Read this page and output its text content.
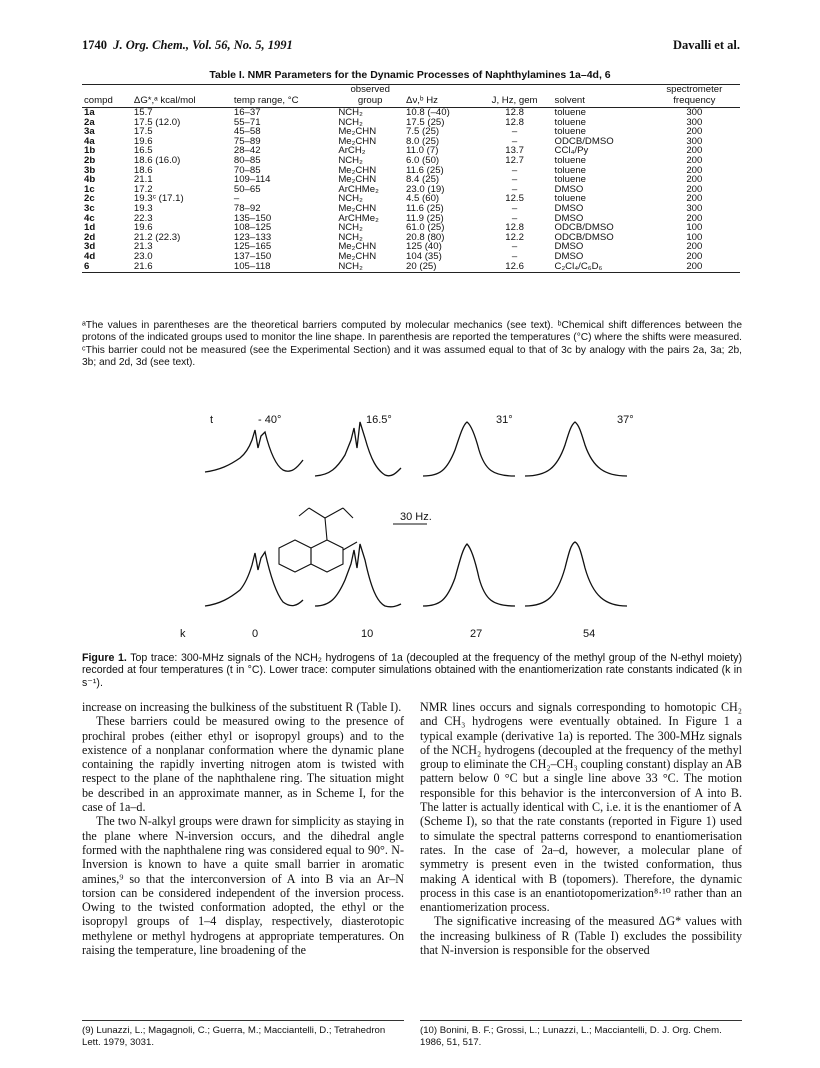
1740 J. Org. Chem., Vol. 56, No. 5, 1991	Davalli et al.
Table I. NMR Parameters for the Dynamic Processes of Naphthylamines 1a–4d, 6
			observed				spectrometer
compd	ΔG*,ᵃ kcal/mol	temp range, °C	group	Δν,ᵇ Hz	J, Hz, gem	solvent	frequency
1a	15.7	16–37	NCH₂	10.8 (–40)	12.8	toluene	300
2a	17.5 (12.0)	55–71	NCH₂	17.5 (25)	12.8	toluene	300
3a	17.5	45–58	Me₂CHN	7.5 (25)	–	toluene	200
4a	19.6	75–89	Me₂CHN	8.0 (25)	–	ODCB/DMSO	300
1b	16.5	28–42	ArCH₂	11.0 (7)	13.7	CCl₄/Py	200
2b	18.6 (16.0)	80–85	NCH₂	6.0 (50)	12.7	toluene	200
3b	18.6	70–85	Me₂CHN	11.6 (25)	–	toluene	200
4b	21.1	109–114	Me₂CHN	8.4 (25)	–	toluene	200
1c	17.2	50–65	ArCHMe₂	23.0 (19)	–	DMSO	200
2c	19.3ᶜ (17.1)	–	NCH₂	4.5 (60)	12.5	toluene	200
3c	19.3	78–92	Me₂CHN	11.6 (25)	–	DMSO	300
4c	22.3	135–150	ArCHMe₂	11.9 (25)	–	DMSO	200
1d	19.6	108–125	NCH₂	61.0 (25)	12.8	ODCB/DMSO	100
2d	21.2 (22.3)	123–133	NCH₂	20.8 (80)	12.2	ODCB/DMSO	100
3d	21.3	125–165	Me₂CHN	125 (40)	–	DMSO	200
4d	23.0	137–150	Me₂CHN	104 (35)	–	DMSO	200
6	21.6	105–118	NCH₂	20 (25)	12.6	C₂Cl₄/C₆D₆	200
ᵃThe values in parentheses are the theoretical barriers computed by molecular mechanics (see text). ᵇChemical shift differences between the protons of the indicated groups used to monitor the line shape. In parenthesis are reported the temperatures (°C) where the shifts were measured. ᶜThis barrier could not be measured (see the Experimental Section) and it was assumed equal to that of 3c by analogy with the pairs 2a, 3a; 2b, 3b; and 2d, 3d (see text).
t	- 40°	16.5°	31°	37°
30 Hz.
k	0	10	27	54
Figure 1. Top trace: 300-MHz signals of the NCH₂ hydrogens of 1a (decoupled at the frequency of the methyl group of the N-ethyl moiety) recorded at four temperatures (t in °C). Lower trace: computer simulations obtained with the enantiomerization rate constants indicated (k in s⁻¹).

increase on increasing the bulkiness of the substituent R (Table I).

These barriers could be measured owing to the presence of prochiral probes (either ethyl or isopropyl groups) and to the existence of a nonplanar conformation where the dynamic plane containing the rapidly inverting nitrogen atom is twisted with respect to the plane of the naphthalene ring. The situation might be described in an approximate manner, as in Scheme I, for the case of 1a–d.

The two N-alkyl groups were drawn for simplicity as staying in the plane where N-inversion occurs, and the dihedral angle formed with the naphthalene ring was considered equal to 90°. N-Inversion is known to have a quite small barrier in aromatic amines,⁹ so that the interconversion of A into B via an Ar–N torsion can be considered independent of the inversion process. Owing to the twisted conformation adopted, the ethyl or the isopropyl groups of 1–4 display, respectively, diasterotopic methylene or methyl hydrogens at appropriate temperatures. On raising the temperature, line broadening of the

NMR lines occurs and signals corresponding to homotopic CH₂ and CH₃ hydrogens were eventually obtained. In Figure 1 a typical example (derivative 1a) is reported. The 300-MHz signals of the NCH₂ hydrogens (decoupled at the frequency of the methyl group to eliminate the CH₂–CH₃ coupling constant) display an AB pattern below 0 °C but a single line above 33 °C. The motion responsible for this behavior is the interconversion of A into B. The latter is actually identical with C, i.e. it is the enantiomer of A (Scheme I), so that the rate constants (reported in Figure 1) used to simulate the spectral patterns correspond to enantiomerisation rates. In the case of 2a–d, however, a molecular plane of symmetry is present even in the twisted conformation, thus making A identical with B (topomers). Therefore, the dynamic process in this case is an enantiotopomerization⁸·¹⁰ rather than an enantiomerization process.

The significative increasing of the measured ΔG* values with the increasing bulkiness of R (Table I) excludes the possibility that N-inversion is responsible for the observed

(9) Lunazzi, L.; Magagnoli, C.; Guerra, M.; Macciantelli, D.; Tetrahedron Lett. 1979, 3031.
(10) Bonini, B. F.; Grossi, L.; Lunazzi, L.; Macciantelli, D. J. Org. Chem. 1986, 51, 517.
